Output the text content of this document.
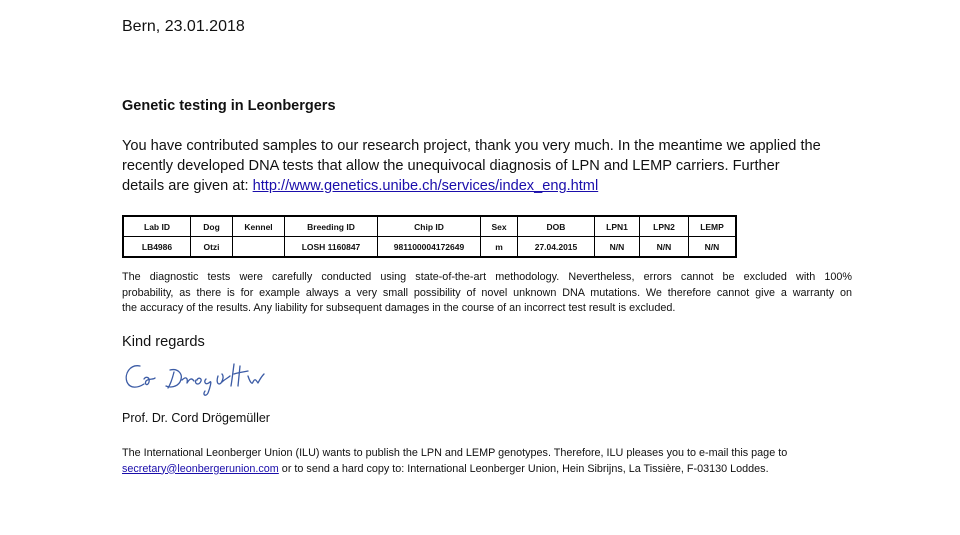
Bern, 23.01.2018
Genetic testing in Leonbergers
You have contributed samples to our research project, thank you very much. In the meantime we applied the
recently developed DNA tests that allow the unequivocal diagnosis of LPN and LEMP carriers. Further
details are given at: http://www.genetics.unibe.ch/services/index_eng.html
Lab ID	Dog	Kennel	Breeding ID	Chip ID	Sex	DOB	LPN1	LPN2	LEMP
LB4986	Otzi		LOSH 1160847	981100004172649	m	27.04.2015	N/N	N/N	N/N
The diagnostic tests were carefully conducted using state-of-the-art methodology. Nevertheless, errors cannot be excluded with 100%
probability, as there is for example always a very small possibility of novel unknown DNA mutations. We therefore cannot give a warranty on
the accuracy of the results. Any liability for subsequent damages in the course of an incorrect test result is excluded.
Kind regards
Prof. Dr. Cord Drögemüller
The International Leonberger Union (ILU) wants to publish the LPN and LEMP genotypes. Therefore, ILU pleases you to e-mail this page to
secretary@leonbergerunion.com or to send a hard copy to: International Leonberger Union, Hein Sibrijns, La Tissière, F-03130 Loddes.
